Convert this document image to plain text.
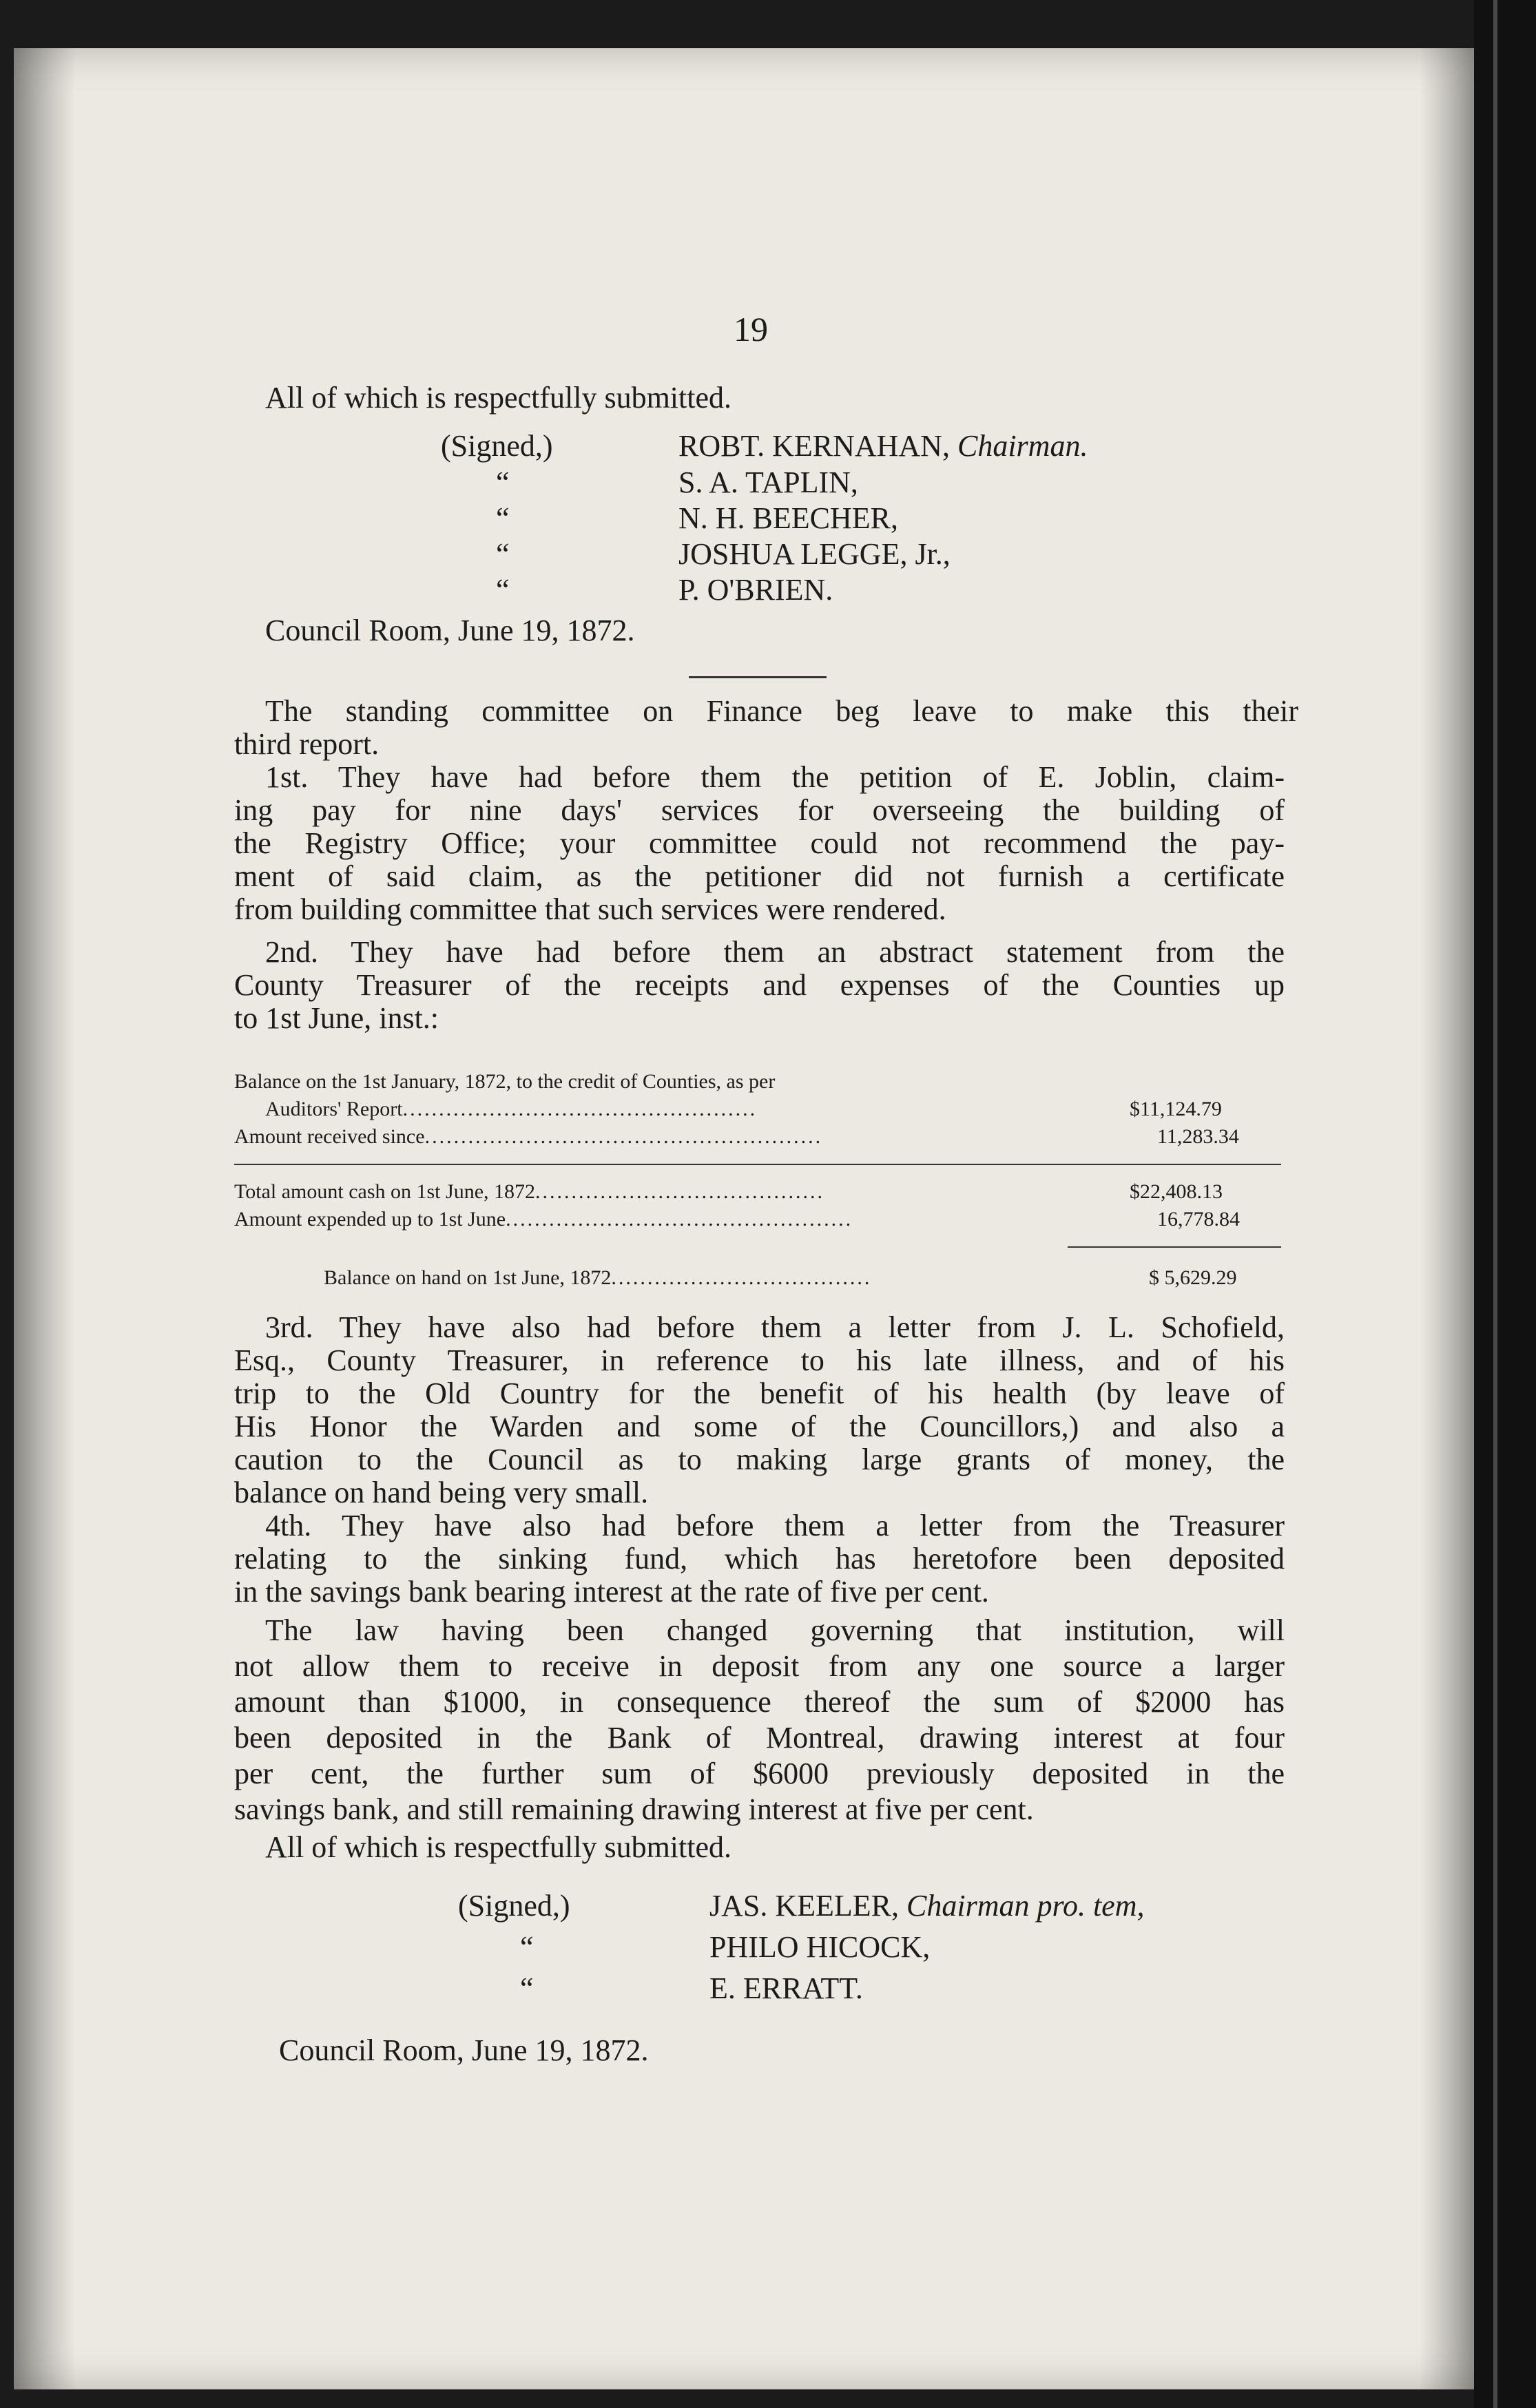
19
All of which is respectfully submitted.
(Signed,)	ROBT. KERNAHAN, Chairman.
“	S. A. TAPLIN,
“	N. H. BEECHER,
“	JOSHUA LEGGE, Jr.,
“	P. O'BRIEN.
Council Room, June 19, 1872.
The standing committee on Finance beg leave to make this their
third report.
1st. They have had before them the petition of E. Joblin, claim-
ing pay for nine days' services for overseeing the building of
the Registry Office; your committee could not recommend the pay-
ment of said claim, as the petitioner did not furnish a certificate
from building committee that such services were rendered.
2nd. They have had before them an abstract statement from the
County Treasurer of the receipts and expenses of the Counties up
to 1st June, inst.:
Balance on the 1st January, 1872, to the credit of Counties, as per
Auditors' Report.................................................	$11,124.79
Amount received since.......................................................	11,283.34
Total amount cash on 1st June, 1872........................................	$22,408.13
Amount expended up to 1st June................................................	16,778.84
Balance on hand on 1st June, 1872....................................	$ 5,629.29
3rd. They have also had before them a letter from J. L. Schofield,
Esq., County Treasurer, in reference to his late illness, and of his
trip to the Old Country for the benefit of his health (by leave of
His Honor the Warden and some of the Councillors,) and also a
caution to the Council as to making large grants of money, the
balance on hand being very small.
4th. They have also had before them a letter from the Treasurer
relating to the sinking fund, which has heretofore been deposited
in the savings bank bearing interest at the rate of five per cent.
The law having been changed governing that institution, will
not allow them to receive in deposit from any one source a larger
amount than $1000, in consequence thereof the sum of $2000 has
been deposited in the Bank of Montreal, drawing interest at four
per cent, the further sum of $6000 previously deposited in the
savings bank, and still remaining drawing interest at five per cent.
All of which is respectfully submitted.
(Signed,)	JAS. KEELER, Chairman pro. tem,
“	PHILO HICOCK,
“	E. ERRATT.
Council Room, June 19, 1872.
